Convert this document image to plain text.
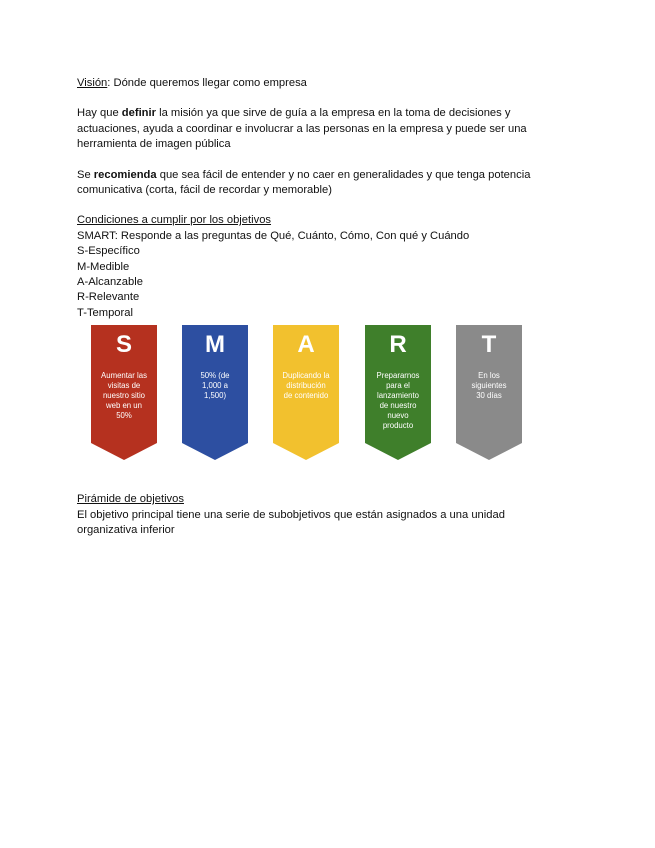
Visión: Dónde queremos llegar como empresa

Hay que definir la misión ya que sirve de guía a la empresa en la toma de decisiones y
actuaciones, ayuda a coordinar e involucrar a las personas en la empresa y puede ser una
herramienta de imagen pública

Se recomienda que sea fácil de entender y no caer en generalidades y que tenga potencia
comunicativa (corta, fácil de recordar y memorable)

Condiciones a cumplir por los objetivos

SMART: Responde a las preguntas de Qué, Cuánto, Cómo, Con qué y Cuándo

S-Específico

M-Medible

A-Alcanzable

R-Relevante

T-Temporal

S
Aumentar las
visitas de
nuestro sitio
web en un
50%
M
50% (de
1,000 a
1,500)
A
Duplicando la
distribución
de contenido
R
Prepararnos
para el
lanzamiento
de nuestro
nuevo
producto
T
En los
siguientes
30 días

Pirámide de objetivos

El objetivo principal tiene una serie de subobjetivos que están asignados a una unidad

organizativa inferior
